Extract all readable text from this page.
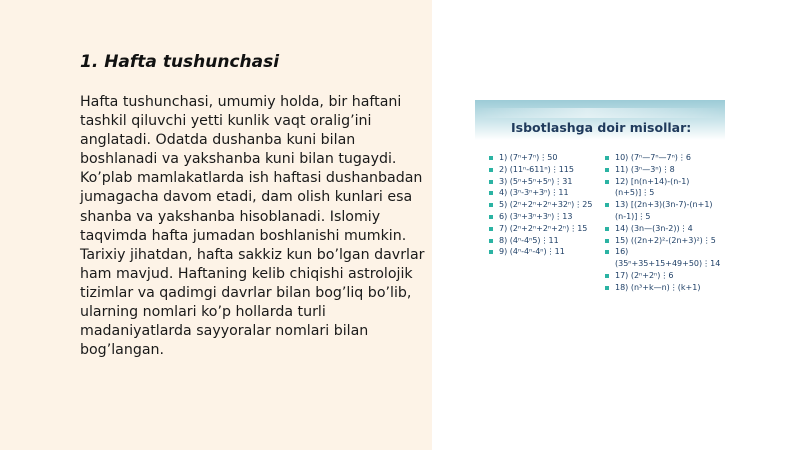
1. Hafta tushunchasi

Hafta tushunchasi, umumiy holda, bir haftani tashkil qiluvchi yetti kunlik vaqt oralig’ini anglatadi. Odatda dushanba kuni bilan boshlanadi va yakshanba kuni bilan tugaydi. Ko’plab mamlakatlarda ish haftasi dushanbadan jumagacha davom etadi, dam olish kunlari esa shanba va yakshanba hisoblanadi. Islomiy taqvimda hafta jumadan boshlanishi mumkin. Tarixiy jihatdan, hafta sakkiz kun bo’lgan davrlar ham mavjud. Haftaning kelib chiqishi astrolojik tizimlar va qadimgi davrlar bilan bog’liq bo’lib, ularning nomlari ko’p hollarda turli madaniyatlarda sayyoralar nomlari bilan bog’langan.

Isbotlashga doir misollar:
1) (7ⁿ+7ⁿ)⋮50
2) (11ⁿ-611ⁿ)⋮115
3) (5ⁿ+5ⁿ+5ⁿ)⋮31
4) (3ⁿ-3ⁿ+3ⁿ)⋮11
5) (2ⁿ+2ⁿ+2ⁿ+32ⁿ)⋮25
6) (3ⁿ+3ⁿ+3ⁿ)⋮13
7) (2ⁿ+2ⁿ+2ⁿ+2ⁿ)⋮15
8) (4ⁿ-4ⁿ5)⋮11
9) (4ⁿ-4ⁿ-4ⁿ)⋮11
10) (7ⁿ—7ⁿ—7ⁿ)⋮6
11) (3ⁿ—3ⁿ)⋮8
12) [n(n+14)-(n-1)(n+5)]⋮5
13) [(2n+3)(3n-7)-(n+1)(n-1)]⋮5
14) (3n—(3n-2))⋮4
15) ((2n+2)²-(2n+3)²)⋮5
16) (35ⁿ+35+15+49+50)⋮14
17) (2ⁿ+2ⁿ)⋮6
18) (n³+k—n)⋮(k+1)
